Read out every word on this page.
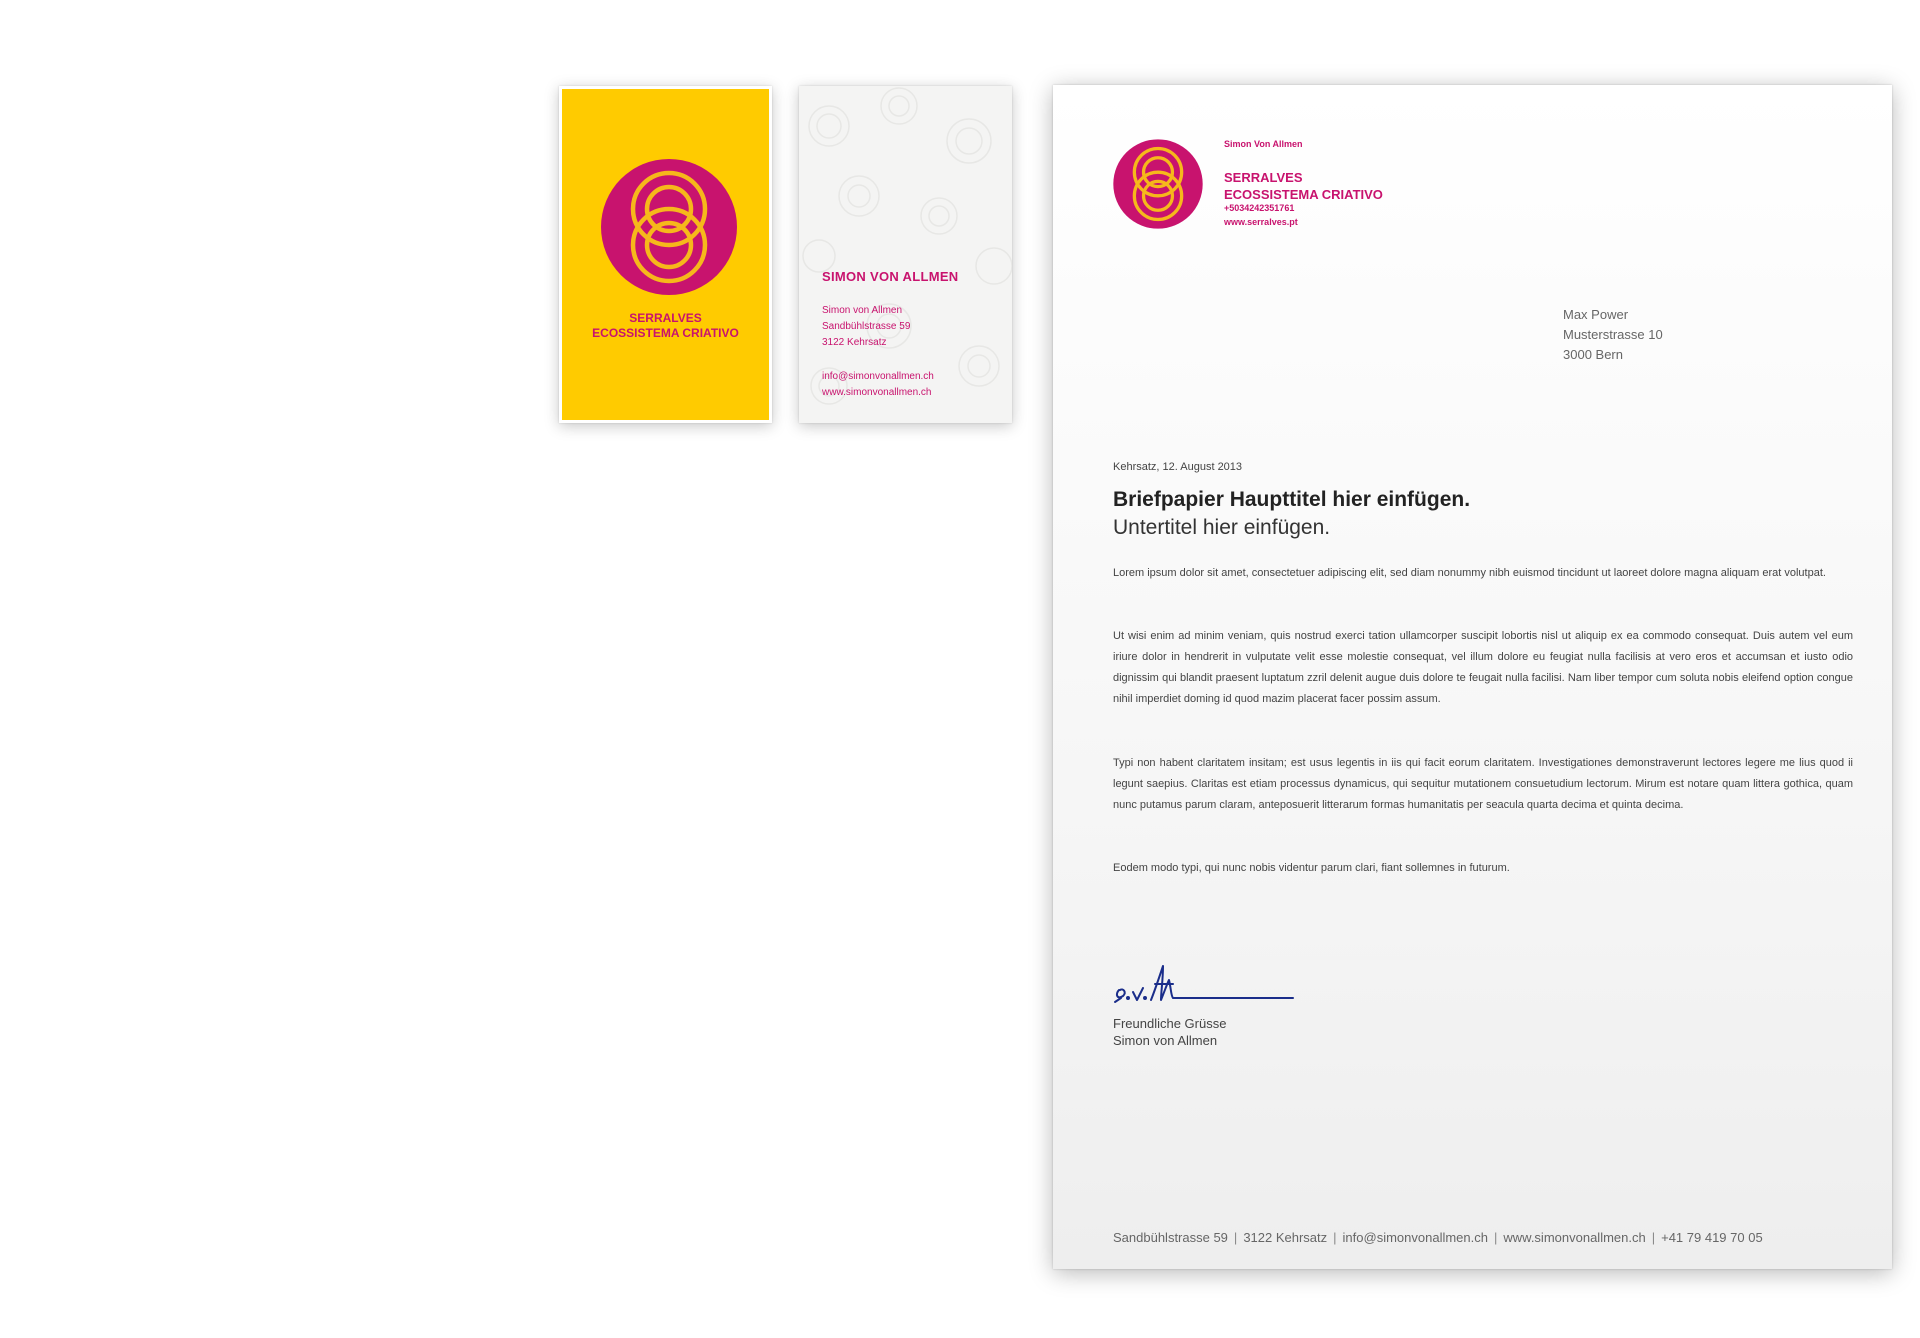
SERRALVES
ECOSSISTEMA CRIATIVO
SIMON VON ALLMEN
Simon von Allmen
Sandbühlstrasse 59
3122 Kehrsatz
info@simonvonallmen.ch
www.simonvonallmen.ch
Simon Von Allmen
SERRALVES
ECOSSISTEMA CRIATIVO
+5034242351761
www.serralves.pt
Max Power
Musterstrasse 10
3000 Bern
Kehrsatz, 12. August 2013
Briefpapier Haupttitel hier einfügen.
Untertitel hier einfügen.
Lorem ipsum dolor sit amet, consectetuer adipiscing elit, sed diam nonummy nibh euismod tincidunt ut laoreet dolore magna aliquam erat volutpat.
Ut wisi enim ad minim veniam, quis nostrud exerci tation ullamcorper suscipit lobortis nisl ut aliquip ex ea commodo consequat. Duis autem vel eum iriure dolor in hendrerit in vulputate velit esse molestie consequat, vel illum dolore eu feugiat nulla facilisis at vero eros et accumsan et iusto odio dignissim qui blandit praesent luptatum zzril delenit augue duis dolore te feugait nulla facilisi. Nam liber tempor cum soluta nobis eleifend option congue nihil imperdiet doming id quod mazim placerat facer possim assum.
Typi non habent claritatem insitam; est usus legentis in iis qui facit eorum claritatem. Investigationes demonstraverunt lectores legere me lius quod ii legunt saepius. Claritas est etiam processus dynamicus, qui sequitur mutationem consuetudium lectorum. Mirum est notare quam littera gothica, quam nunc putamus parum claram, anteposuerit litterarum formas humanitatis per seacula quarta decima et quinta decima.
Eodem modo typi, qui nunc nobis videntur parum clari, fiant sollemnes in futurum.
Freundliche Grüsse
Simon von Allmen
Sandbühlstrasse 59 | 3122 Kehrsatz | info@simonvonallmen.ch | www.simonvonallmen.ch | +41 79 419 70 05
